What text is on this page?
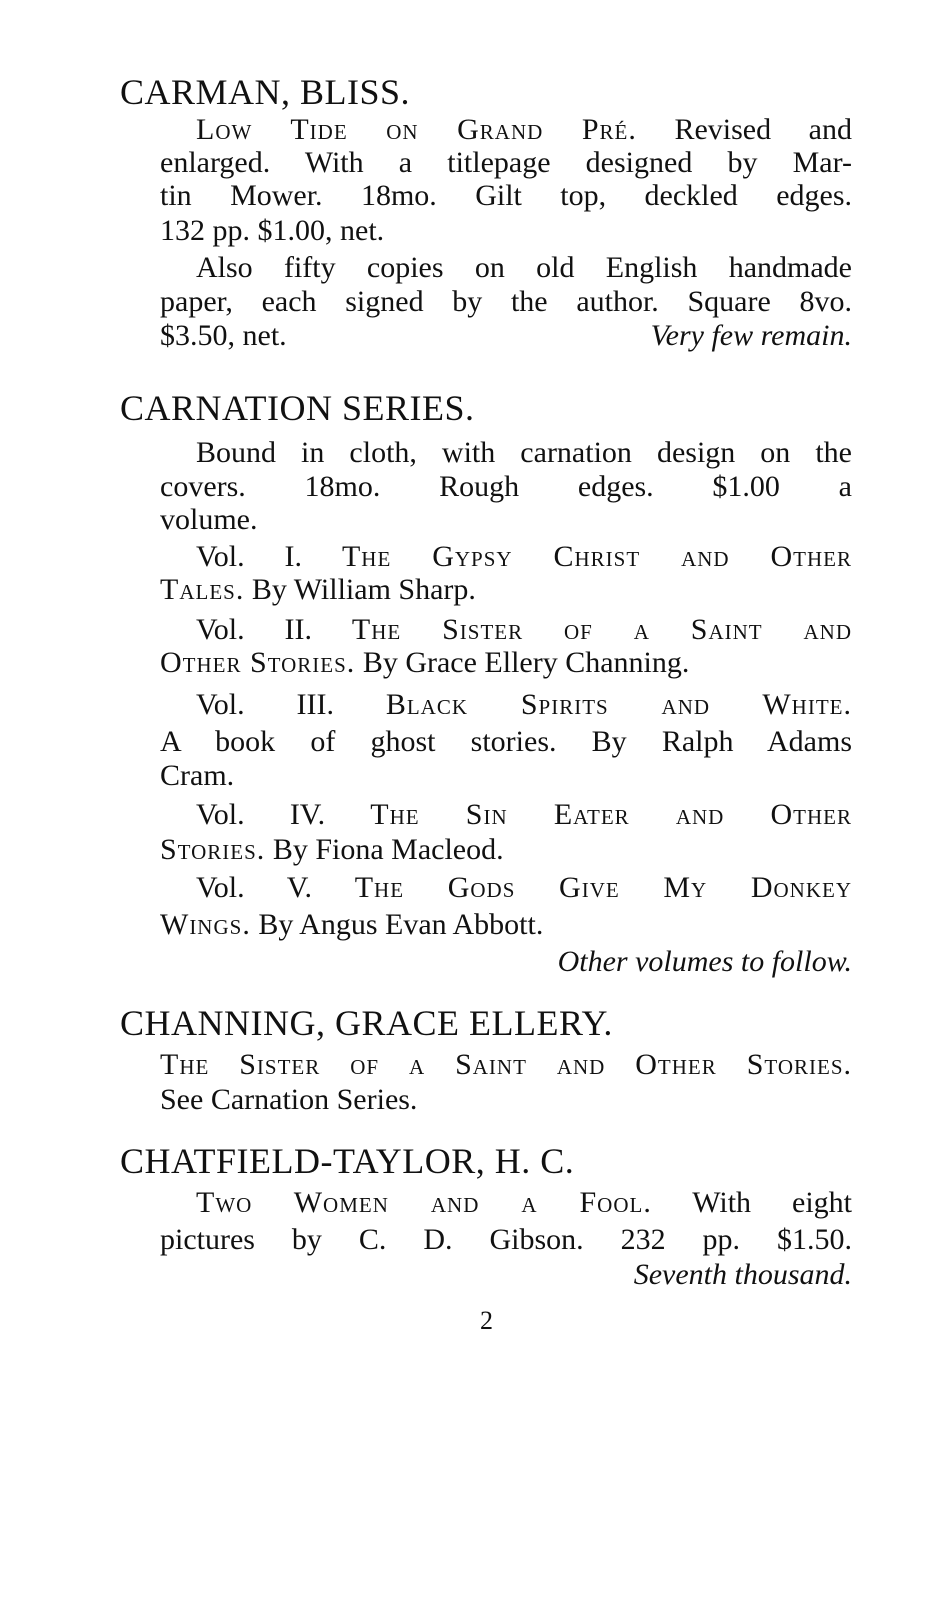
2
CARMAN, BLISS.
Low Tide on Grand Pré. Revised and
enlarged. With a titlepage designed by Mar-
tin Mower. 18mo. Gilt top, deckled edges.
132 pp. $1.00, net.
Also fifty copies on old English handmade
paper, each signed by the author. Square 8vo.
$3.50, net.	Very few remain.
CARNATION SERIES.
Bound in cloth, with carnation design on the
covers. 18mo. Rough edges. $1.00 a
volume.
Vol. I. The Gypsy Christ and Other
Tales. By William Sharp.
Vol. II. The Sister of a Saint and
Other Stories. By Grace Ellery Channing.
Vol. III. Black Spirits and White.
A book of ghost stories. By Ralph Adams
Cram.
Vol. IV. The Sin Eater and Other
Stories. By Fiona Macleod.
Vol. V. The Gods Give My Donkey
Wings. By Angus Evan Abbott.
Other volumes to follow.
CHANNING, GRACE ELLERY.
The Sister of a Saint and Other Stories.
See Carnation Series.
CHATFIELD-TAYLOR, H. C.
Two Women and a Fool. With eight
pictures by C. D. Gibson. 232 pp. $1.50.
Seventh thousand.
